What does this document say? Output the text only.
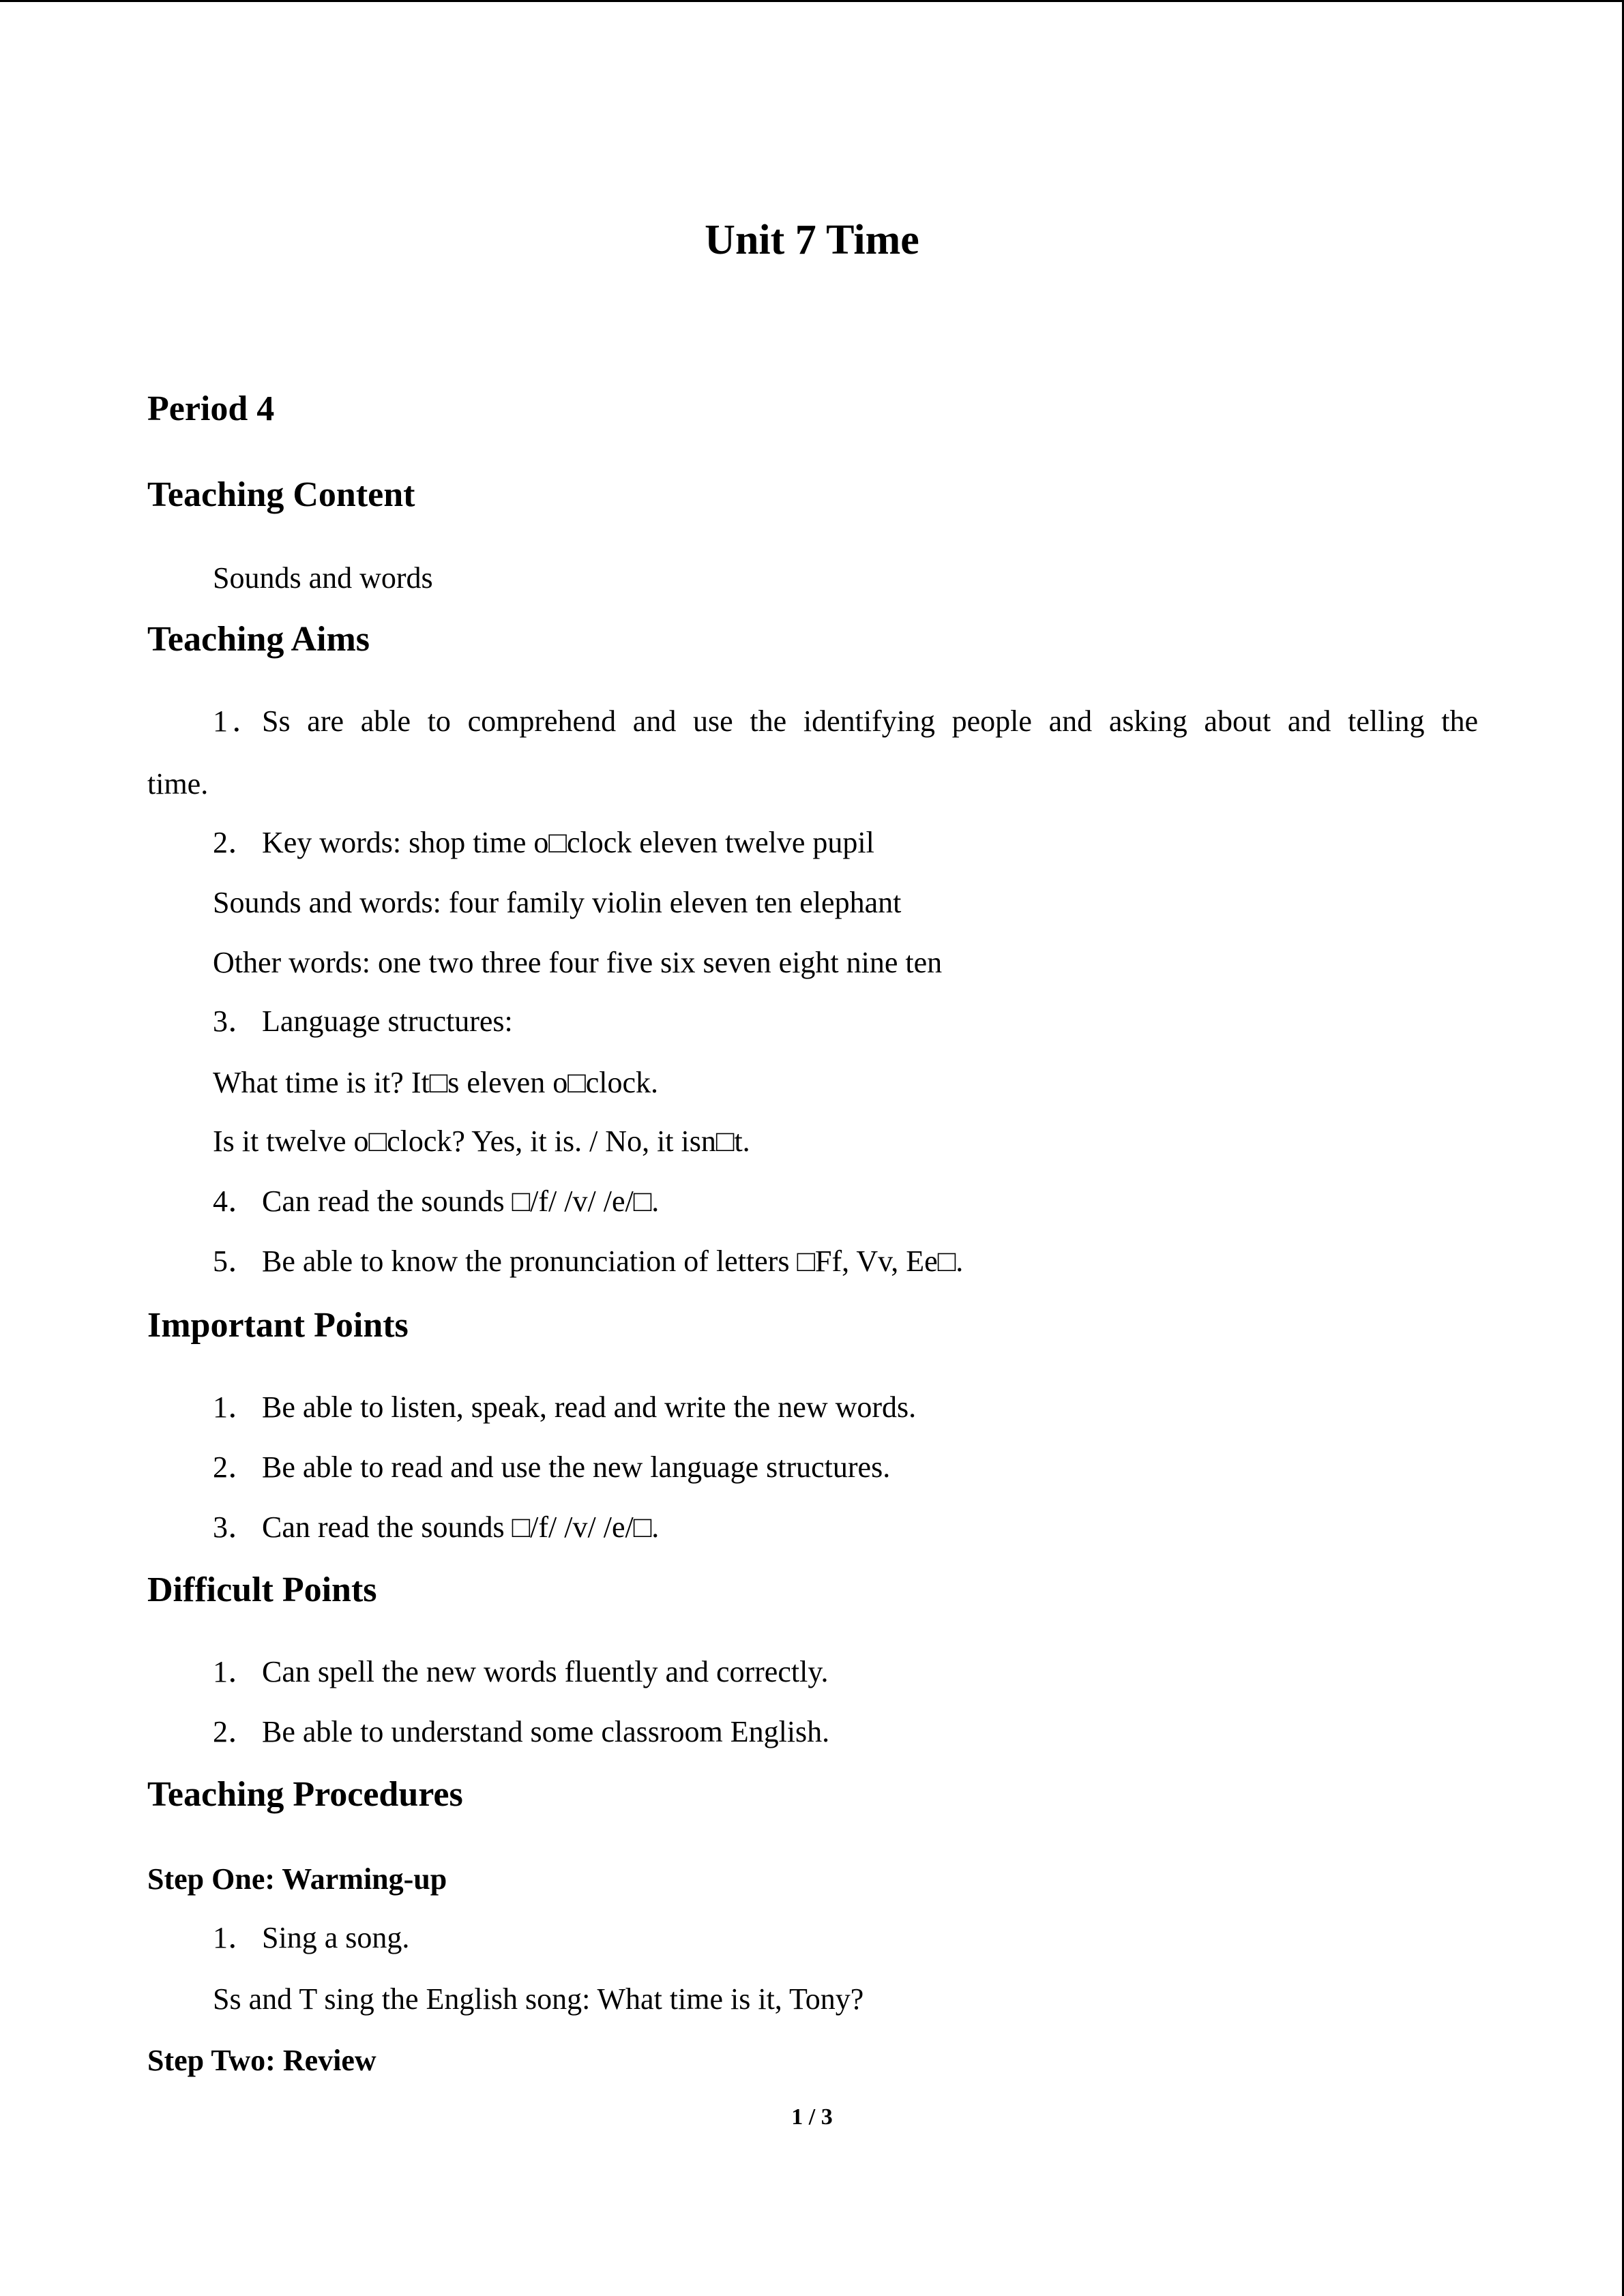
Unit 7 Time
Period 4
Teaching Content
Sounds and words
Teaching Aims
1．Ss are able to comprehend and use the identifying people and asking about and telling the
time.
2． Key words: shop time o□clock eleven twelve pupil
Sounds and words: four family violin eleven ten elephant
Other words: one two three four five six seven eight nine ten
3． Language structures:
What time is it? It□s eleven o□clock.
Is it twelve o□clock? Yes, it is. / No, it isn□t.
4． Can read the sounds □/f/ /v/ /e/□.
5． Be able to know the pronunciation of letters □Ff, Vv, Ee□.
Important Points
1． Be able to listen, speak, read and write the new words.
2． Be able to read and use the new language structures.
3． Can read the sounds □/f/ /v/ /e/□.
Difficult Points
1． Can spell the new words fluently and correctly.
2． Be able to understand some classroom English.
Teaching Procedures
Step One: Warming-up
1． Sing a song.
Ss and T sing the English song: What time is it, Tony?
Step Two: Review
1 / 3
